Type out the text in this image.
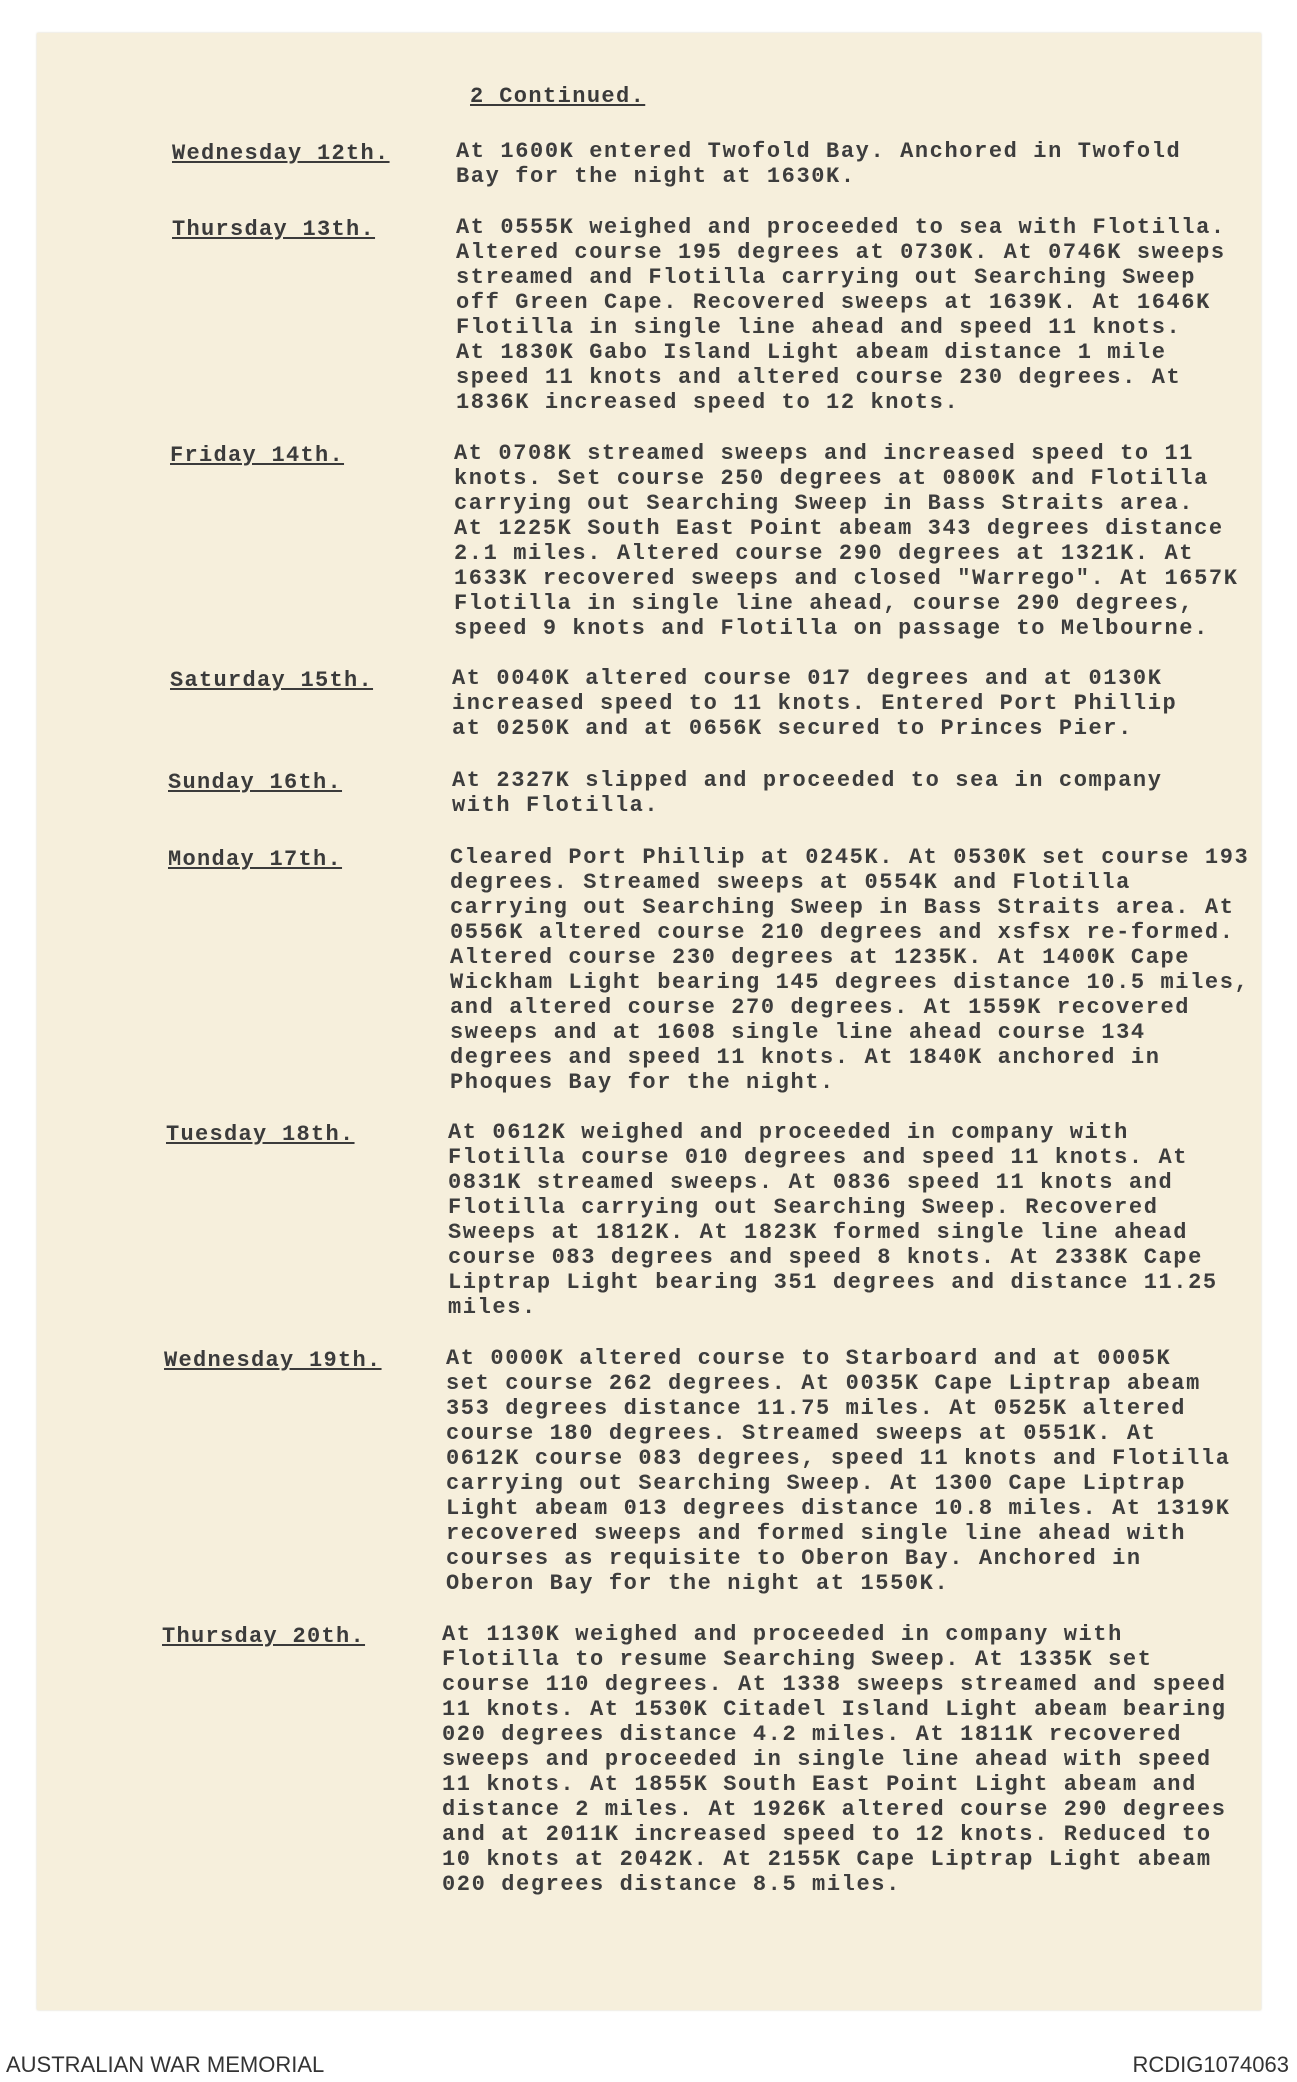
2 Continued.
Wednesday 12th.	At 1600K entered Twofold Bay. Anchored in Twofold
Bay for the night at 1630K.
Thursday 13th.	At 0555K weighed and proceeded to sea with Flotilla.
Altered course 195 degrees at 0730K. At 0746K sweeps
streamed and Flotilla carrying out Searching Sweep
off Green Cape. Recovered sweeps at 1639K. At 1646K
Flotilla in single line ahead and speed 11 knots.
At 1830K Gabo Island Light abeam distance 1 mile
speed 11 knots and altered course 230 degrees. At
1836K increased speed to 12 knots.
Friday 14th.	At 0708K streamed sweeps and increased speed to 11
knots. Set course 250 degrees at 0800K and Flotilla
carrying out Searching Sweep in Bass Straits area.
At 1225K South East Point abeam 343 degrees distance
2.1 miles. Altered course 290 degrees at 1321K. At
1633K recovered sweeps and closed "Warrego". At 1657K
Flotilla in single line ahead, course 290 degrees,
speed 9 knots and Flotilla on passage to Melbourne.
Saturday 15th.	At 0040K altered course 017 degrees and at 0130K
increased speed to 11 knots. Entered Port Phillip
at 0250K and at 0656K secured to Princes Pier.
Sunday 16th.	At 2327K slipped and proceeded to sea in company
with Flotilla.
Monday 17th.	Cleared Port Phillip at 0245K. At 0530K set course 193
degrees. Streamed sweeps at 0554K and Flotilla
carrying out Searching Sweep in Bass Straits area. At
0556K altered course 210 degrees and xsfsx re-formed.
Altered course 230 degrees at 1235K. At 1400K Cape
Wickham Light bearing 145 degrees distance 10.5 miles,
and altered course 270 degrees. At 1559K recovered
sweeps and at 1608 single line ahead course 134
degrees and speed 11 knots. At 1840K anchored in
Phoques Bay for the night.
Tuesday 18th.	At 0612K weighed and proceeded in company with
Flotilla course 010 degrees and speed 11 knots. At
0831K streamed sweeps. At 0836 speed 11 knots and
Flotilla carrying out Searching Sweep. Recovered
Sweeps at 1812K. At 1823K formed single line ahead
course 083 degrees and speed 8 knots. At 2338K Cape
Liptrap Light bearing 351 degrees and distance 11.25
miles.
Wednesday 19th.	At 0000K altered course to Starboard and at 0005K
set course 262 degrees. At 0035K Cape Liptrap abeam
353 degrees distance 11.75 miles. At 0525K altered
course 180 degrees. Streamed sweeps at 0551K. At
0612K course 083 degrees, speed 11 knots and Flotilla
carrying out Searching Sweep. At 1300 Cape Liptrap
Light abeam 013 degrees distance 10.8 miles. At 1319K
recovered sweeps and formed single line ahead with
courses as requisite to Oberon Bay. Anchored in
Oberon Bay for the night at 1550K.
Thursday 20th.	At 1130K weighed and proceeded in company with
Flotilla to resume Searching Sweep. At 1335K set
course 110 degrees. At 1338 sweeps streamed and speed
11 knots. At 1530K Citadel Island Light abeam bearing
020 degrees distance 4.2 miles. At 1811K recovered
sweeps and proceeded in single line ahead with speed
11 knots. At 1855K South East Point Light abeam and
distance 2 miles. At 1926K altered course 290 degrees
and at 2011K increased speed to 12 knots. Reduced to
10 knots at 2042K. At 2155K Cape Liptrap Light abeam
020 degrees distance 8.5 miles.
AUSTRALIAN WAR MEMORIAL	RCDIG1074063
